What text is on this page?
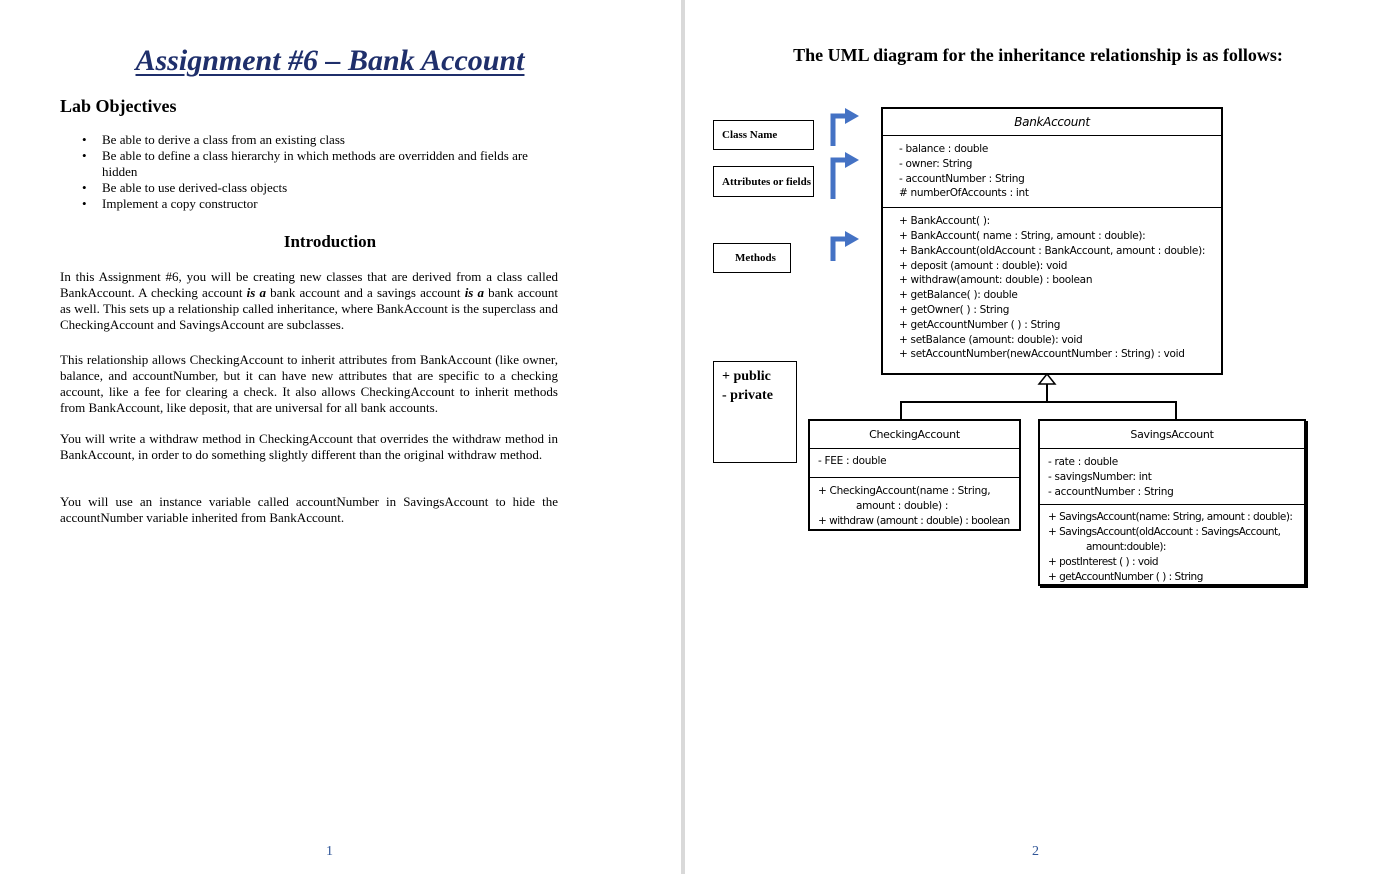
Assignment #6 – Bank Account
Lab Objectives
• Be able to derive a class from an existing class
• Be able to define a class hierarchy in which methods are overridden and fields are hidden
• Be able to use derived-class objects
• Implement a copy constructor
Introduction

In this Assignment #6, you will be creating new classes that are derived from a class called BankAccount. A checking account is a bank account and a savings account is a bank account as well. This sets up a relationship called inheritance, where BankAccount is the superclass and CheckingAccount and SavingsAccount are subclasses.

This relationship allows CheckingAccount to inherit attributes from BankAccount (like owner, balance, and accountNumber, but it can have new attributes that are specific to a checking account, like a fee for clearing a check. It also allows CheckingAccount to inherit methods from BankAccount, like deposit, that are universal for all bank accounts.

You will write a withdraw method in CheckingAccount that overrides the withdraw method in BankAccount, in order to do something slightly different than the original withdraw method.

You will use an instance variable called accountNumber in SavingsAccount to hide the accountNumber variable inherited from BankAccount.

1
The UML diagram for the inheritance relationship is as follows:
Class Name
Attributes or fields
Methods
+ public
- private
BankAccount
- balance : double
- owner: String
- accountNumber : String
# numberOfAccounts : int
+ BankAccount( ):
+ BankAccount( name : String, amount : double):
+ BankAccount(oldAccount : BankAccount, amount : double):
+ deposit (amount : double): void
+ withdraw(amount: double) : boolean
+ getBalance( ): double
+ getOwner( ) : String
+ getAccountNumber ( ) : String
+ setBalance (amount: double): void
+ setAccountNumber(newAccountNumber : String) : void
CheckingAccount
- FEE : double
+ CheckingAccount(name : String,
amount : double) :
+ withdraw (amount : double) : boolean
SavingsAccount
- rate : double
- savingsNumber: int
- accountNumber : String
+ SavingsAccount(name: String, amount : double):
+ SavingsAccount(oldAccount : SavingsAccount,
amount:double):
+ postInterest ( ) : void
+ getAccountNumber ( ) : String
2
